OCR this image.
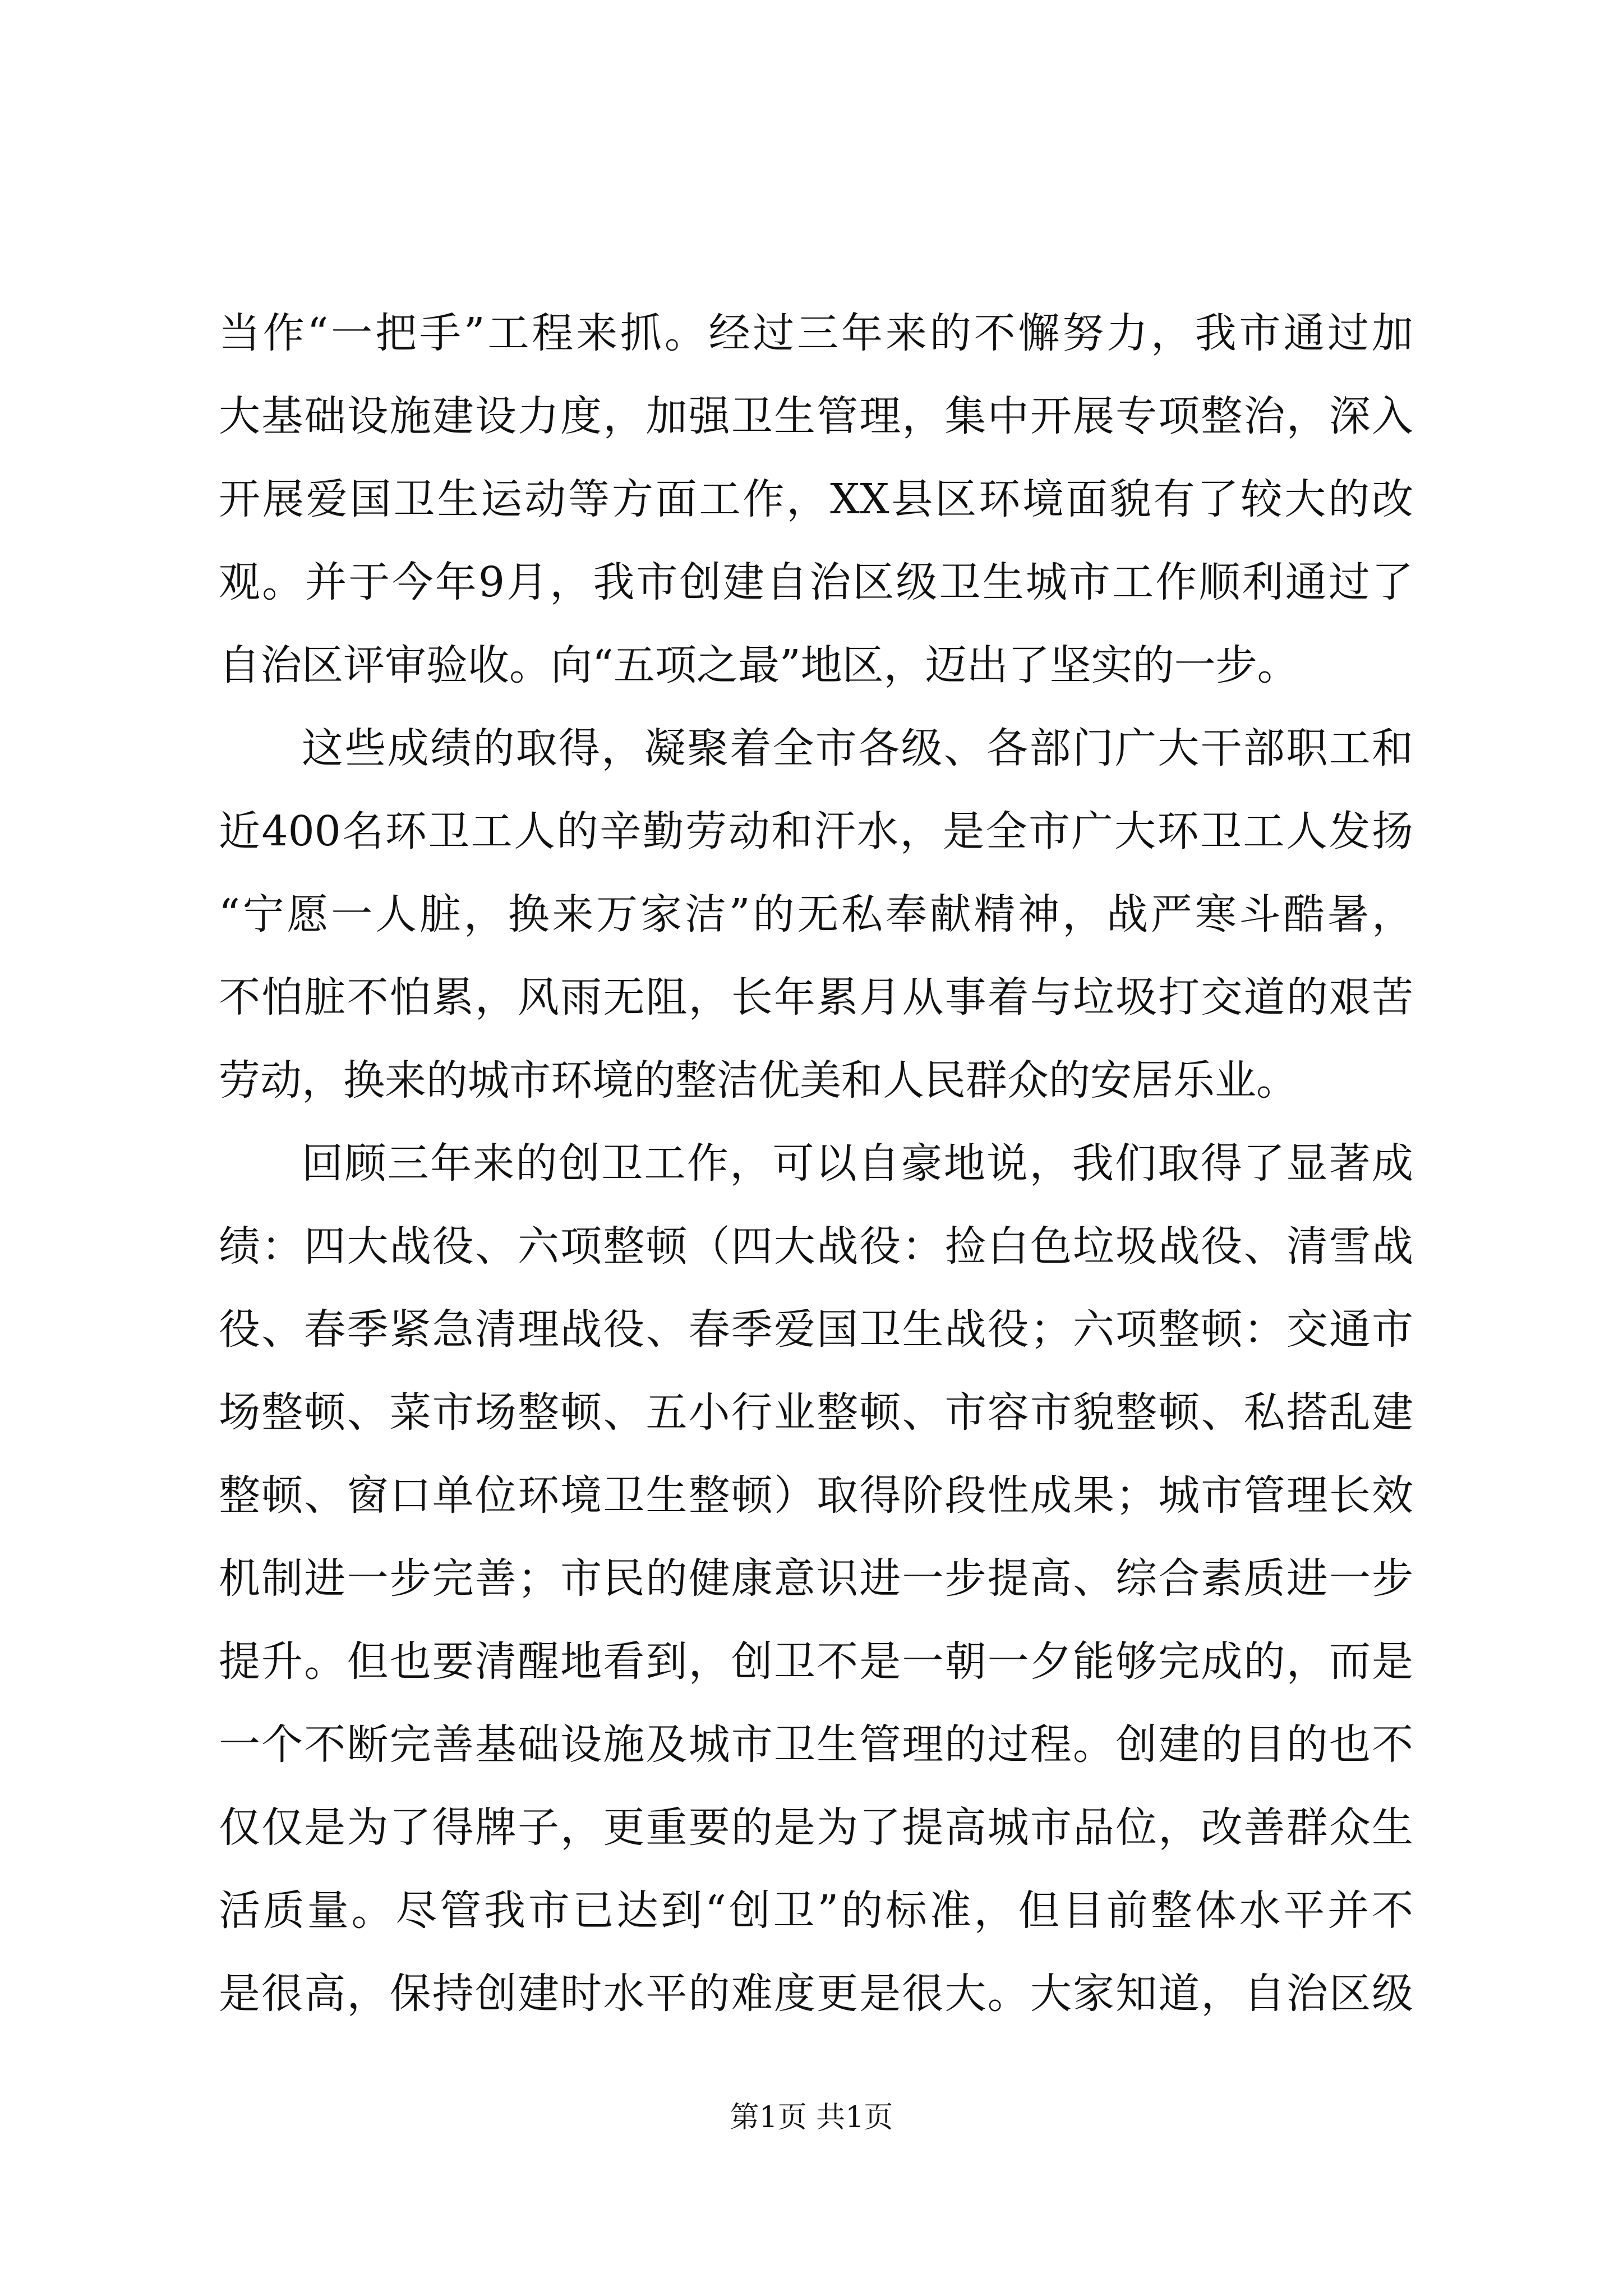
当作“一把手”工程来抓。经过三年来的不懈努力，我市通过加
大基础设施建设力度，加强卫生管理，集中开展专项整治，深入
开展爱国卫生运动等方面工作，XX县区环境面貌有了较大的改
观。并于今年9月，我市创建自治区级卫生城市工作顺利通过了
自治区评审验收。向“五项之最”地区，迈出了坚实的一步。
这些成绩的取得，凝聚着全市各级、各部门广大干部职工和
近400名环卫工人的辛勤劳动和汗水，是全市广大环卫工人发扬
“宁愿一人脏，换来万家洁”的无私奉献精神，战严寒斗酷暑，
不怕脏不怕累，风雨无阻，长年累月从事着与垃圾打交道的艰苦
劳动，换来的城市环境的整洁优美和人民群众的安居乐业。
回顾三年来的创卫工作，可以自豪地说，我们取得了显著成
绩：四大战役、六项整顿（四大战役：捡白色垃圾战役、清雪战
役、春季紧急清理战役、春季爱国卫生战役；六项整顿：交通市
场整顿、菜市场整顿、五小行业整顿、市容市貌整顿、私搭乱建
整顿、窗口单位环境卫生整顿）取得阶段性成果；城市管理长效
机制进一步完善；市民的健康意识进一步提高、综合素质进一步
提升。但也要清醒地看到，创卫不是一朝一夕能够完成的，而是
一个不断完善基础设施及城市卫生管理的过程。创建的目的也不
仅仅是为了得牌子，更重要的是为了提高城市品位，改善群众生
活质量。尽管我市已达到“创卫”的标准，但目前整体水平并不
是很高，保持创建时水平的难度更是很大。大家知道，自治区级
第1页 共1页
